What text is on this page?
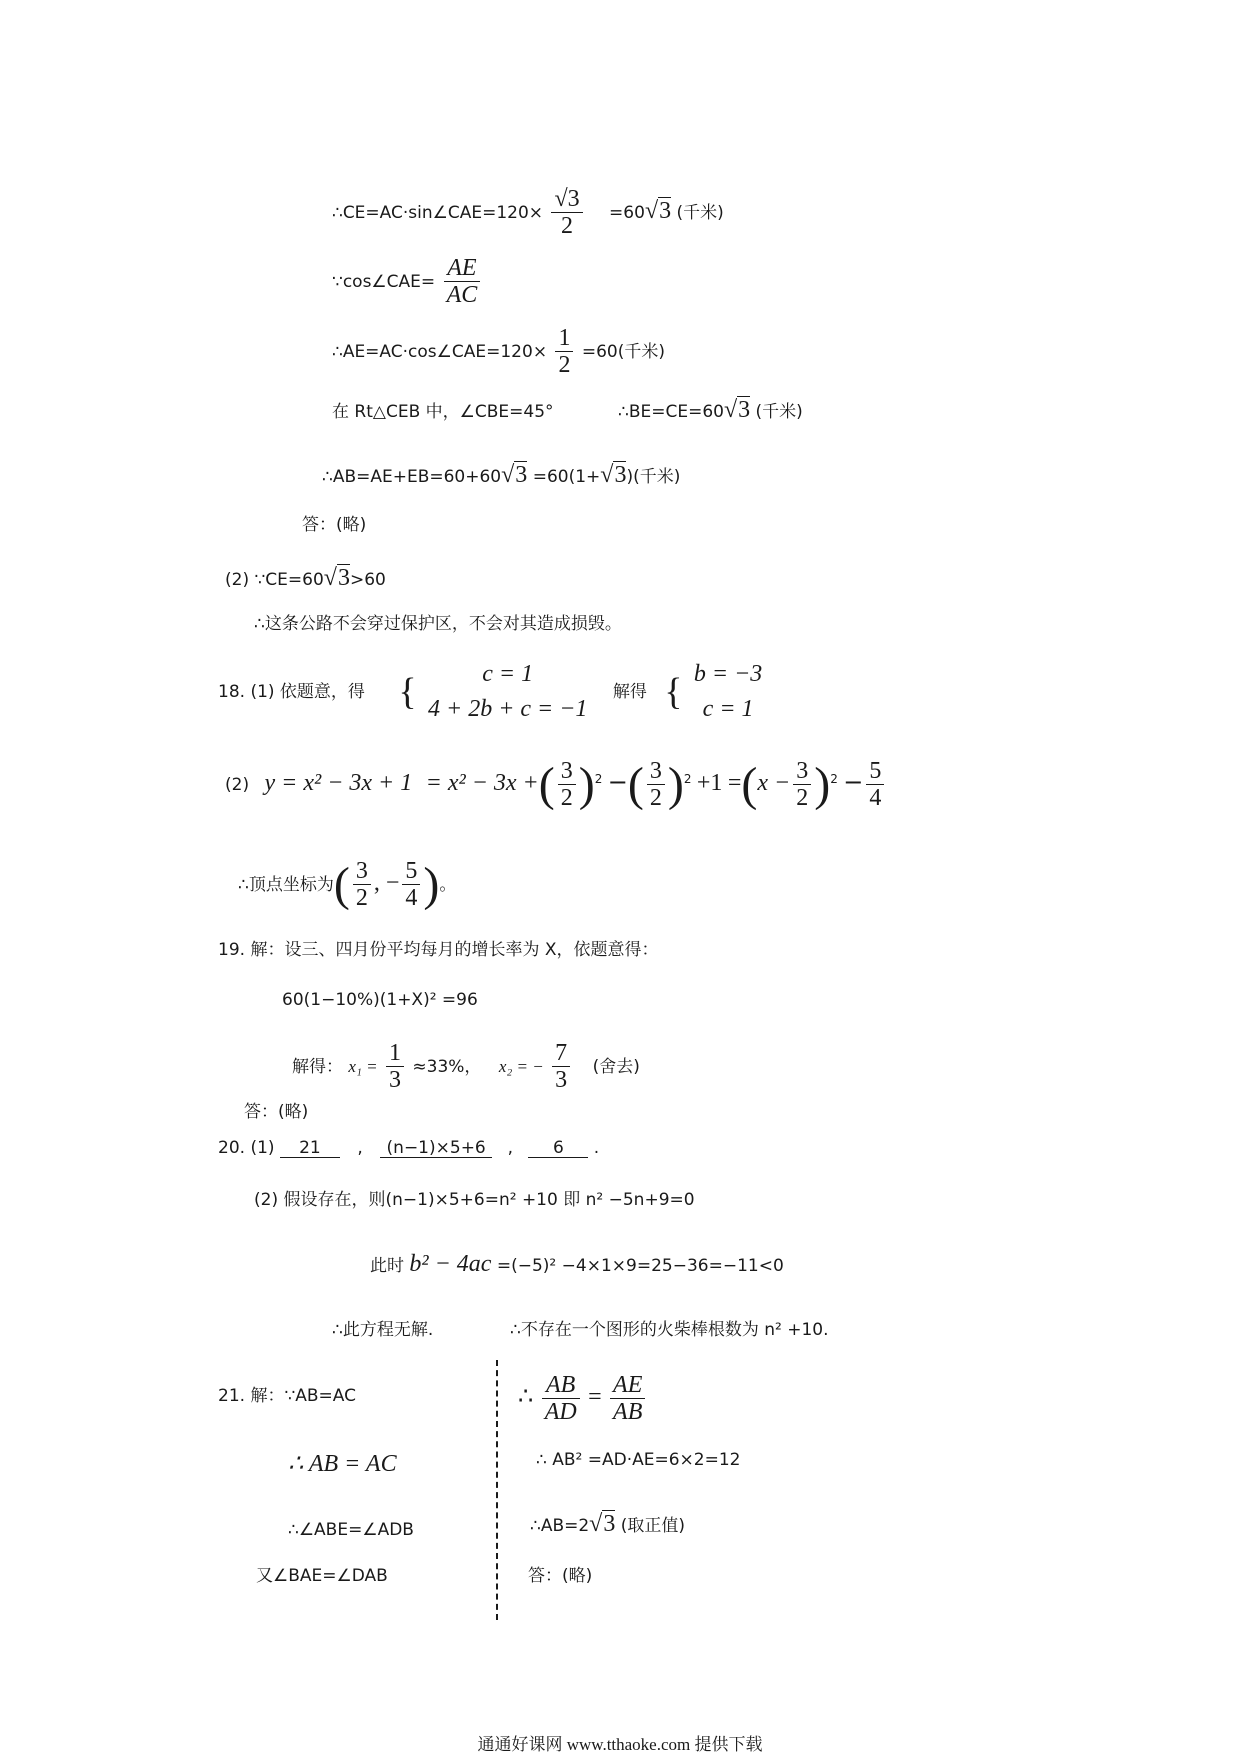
∴CE=AC·sin∠CAE=120× $\frac{√3}{2} =60√3$ (千米)
∵cos∠CAE= $\frac{AE}{AC}$
∴AE=AC·cos∠CAE=120× $\frac{1}{2} =60$(千米)
在 Rt△CEB 中，∠CBE=45°	∴BE=CE=60√3 (千米)
∴AB=AE+EB=60+60√3 =60(1+√3)(千米)
答：(略)
(2) ∵CE=60√3>60
∴这条公路不会穿过保护区，不会对其造成损毁。
18. (1) 依题意，得 {	c = 1
4 + 2b + c = −1
解得 { b = −3
c = 1
(2) y = x² − 3x + 1 = x² − 3x +( $\frac{3}{2} )^2$ −( $\frac{3}{2} )^2 +1 =(x - \frac{3}{2} )^2 - \frac{5}{4}$
∴顶点坐标为( $\frac{3}{2}$ , − $\frac{5}{4}$ )。
19. 解：设三、四月份平均每月的增长率为 X，依题意得：
60(1−10%)(1+X)² =96
解得： $x_1 = \frac{1}{3} \approx 33\%$， x₂ = − $\frac{7}{3}$ (舍去)
答：(略)
20. (1) 21 , (n−1)×5+6 , 6 .
(2) 假设存在，则(n−1)×5+6=n² +10 即 n² −5n+9=0
此时 b² − 4ac =(−5)² −4×1×9=25−36=−11<0
∴此方程无解.	∴不存在一个图形的火柴棒根数为 n² +10.
21. 解：∵AB=AC
∴ AB = AC
∴∠ABE=∠ADB
又∠BAE=∠DAB
∴ $\frac{AB}{AD} = \frac{AE}{AB}$
∴ AB² =AD·AE=6×2=12
∴AB=2√3 (取正值)
答：(略)
通通好课网 www.tthaoke.com 提供下载
